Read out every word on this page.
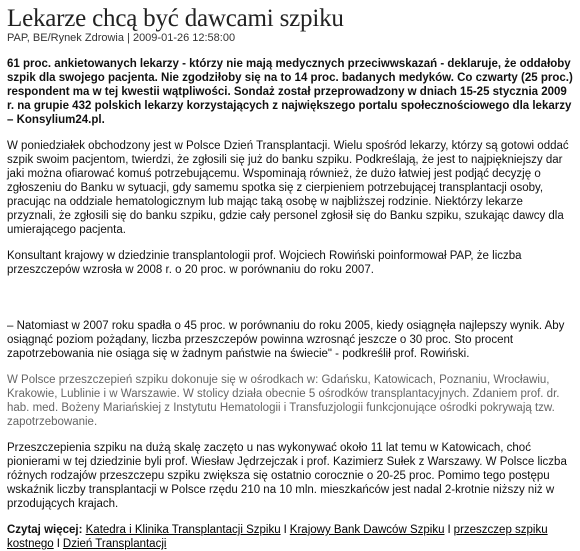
Lekarze chcą być dawcami szpiku
PAP, BE/Rynek Zdrowia | 2009-01-26 12:58:00

61 proc. ankietowanych lekarzy - którzy nie mają medycznych przeciwwskazań - deklaruje, że oddałoby szpik dla swojego pacjenta. Nie zgodziłoby się na to 14 proc. badanych medyków. Co czwarty (25 proc.) respondent ma w tej kwestii wątpliwości. Sondaż został przeprowadzony w dniach 15-25 stycznia 2009 r. na grupie 432 polskich lekarzy korzystających z największego portalu społecznościowego dla lekarzy – Konsylium24.pl.

W poniedziałek obchodzony jest w Polsce Dzień Transplantacji. Wielu spośród lekarzy, którzy są gotowi oddać szpik swoim pacjentom, twierdzi, że zgłosili się już do banku szpiku. Podkreślają, że jest to najpiękniejszy dar jaki można ofiarować komuś potrzebującemu. Wspominają również, że dużo łatwiej jest podjąć decyzję o zgłoszeniu do Banku w sytuacji, gdy samemu spotka się z cierpieniem potrzebującej transplantacji osoby, pracując na oddziale hematologicznym lub mając taką osobę w najbliższej rodzinie. Niektórzy lekarze przyznali, że zgłosili się do banku szpiku, gdzie cały personel zgłosił się do Banku szpiku, szukając dawcy dla umierającego pacjenta.

Konsultant krajowy w dziedzinie transplantologii prof. Wojciech Rowiński poinformował PAP, że liczba przeszczepów wzrosła w 2008 r. o 20 proc. w porównaniu do roku 2007.

– Natomiast w 2007 roku spadła o 45 proc. w porównaniu do roku 2005, kiedy osiągnęła najlepszy wynik. Aby osiągnąć poziom pożądany, liczba przeszczepów powinna wzrosnąć jeszcze o 30 proc. Sto procent zapotrzebowania nie osiąga się w żadnym państwie na świecie" - podkreślił prof. Rowiński.

W Polsce przeszczepień szpiku dokonuje się w ośrodkach w: Gdańsku, Katowicach, Poznaniu, Wrocławiu, Krakowie, Lublinie i w Warszawie. W stolicy działa obecnie 5 ośrodków transplantacyjnych. Zdaniem prof. dr. hab. med. Bożeny Mariańskiej z Instytutu Hematologii i Transfuzjologii funkcjonujące ośrodki pokrywają tzw. zapotrzebowanie.

Przeszczepienia szpiku na dużą skalę zaczęto u nas wykonywać około 11 lat temu w Katowicach, choć pionierami w tej dziedzinie byli prof. Wiesław Jędrzejczak i prof. Kazimierz Sułek z Warszawy. W Polsce liczba różnych rodzajów przeszczepu szpiku zwiększa się ostatnio corocznie o 20-25 proc. Pomimo tego postępu wskaźnik liczby transplantacji w Polsce rzędu 210 na 10 mln. mieszkańców jest nadal 2-krotnie niższy niż w przodujących krajach.

Czytaj więcej: Katedra i Klinika Transplantacji Szpiku I Krajowy Bank Dawców Szpiku I przeszczep szpiku kostnego I Dzień Transplantacji
